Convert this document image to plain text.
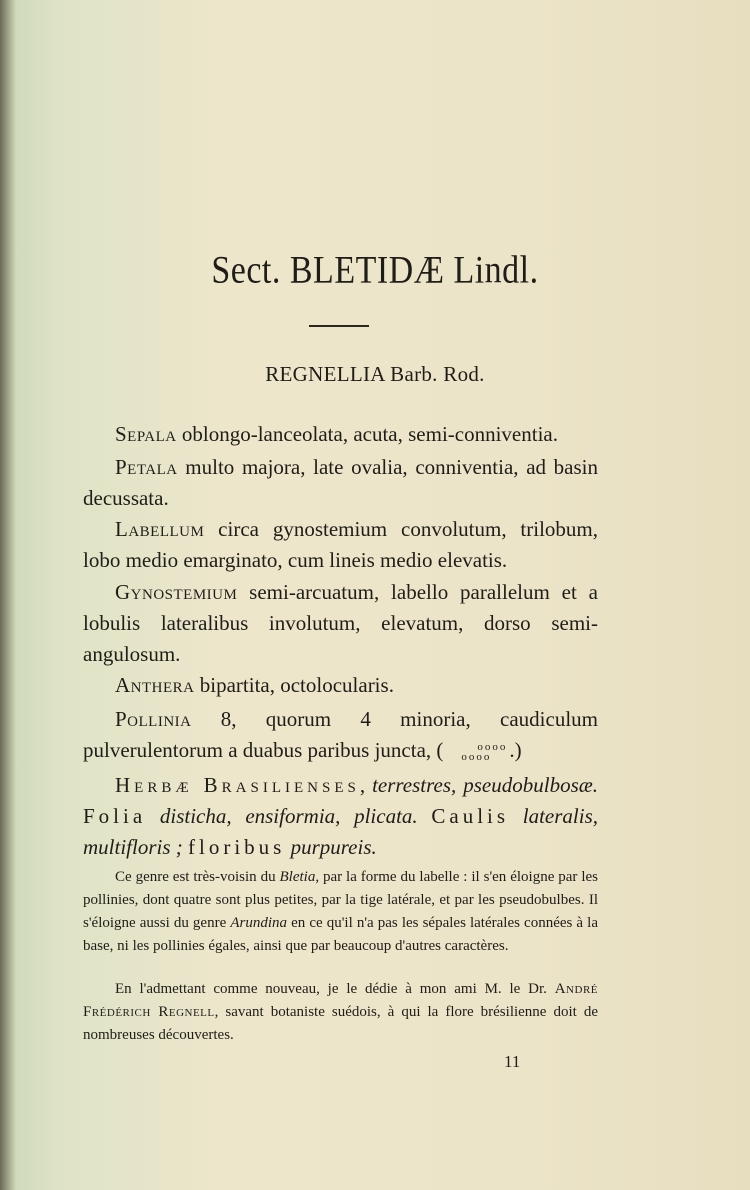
Sect. BLETIDÆ Lindl.
REGNELLIA Barb. Rod.
Sepala oblongo-lanceolata, acuta, semi-conniventia.
Petala multo majora, late ovalia, conniventia, ad basin decussata.
Labellum circa gynostemium convolutum, trilobum, lobo medio emarginato, cum lineis medio elevatis.
Gynostemium semi-arcuatum, labello parallelum et a lobulis lateralibus involutum, elevatum, dorso semi-angulosum.
Anthera bipartita, octolocularis.
Pollinia 8, quorum 4 minoria, caudiculum pulverulentorum a duabus paribus juncta, (	oooo
oooo .)
Herbæ Brasilienses, terrestres, pseudobulbosæ. Folia disticha, ensiformia, plicata. Caulis lateralis, multifloris ; floribus purpureis.
Ce genre est très-voisin du Bletia, par la forme du labelle : il s'en éloigne par les pollinies, dont quatre sont plus petites, par la tige latérale, et par les pseudobulbes. Il s'éloigne aussi du genre Arundina en ce qu'il n'a pas les sépales latérales connées à la base, ni les pollinies égales, ainsi que par beaucoup d'autres caractères.
En l'admettant comme nouveau, je le dédie à mon ami M. le Dr. André Frédérich Regnell, savant botaniste suédois, à qui la flore brésilienne doit de nombreuses découvertes.
11
